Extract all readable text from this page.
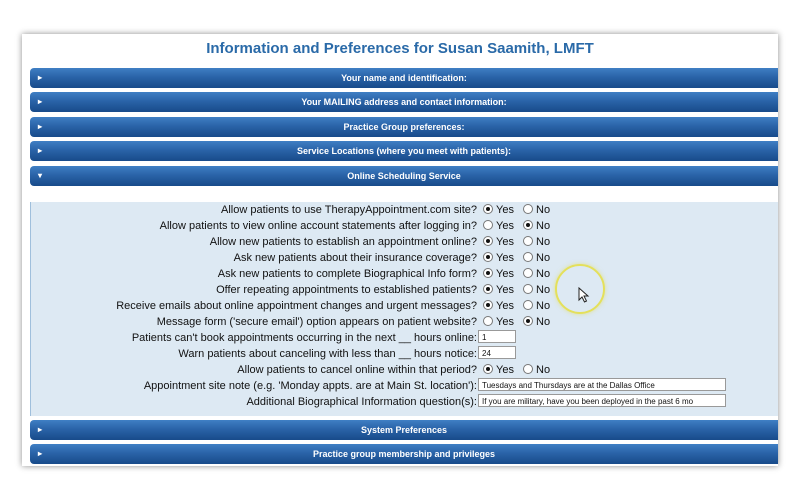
Information and Preferences for Susan Saamith, LMFT
▸	Your name and identification:
▸	Your MAILING address and contact information:
▸	Practice Group preferences:
▸	Service Locations (where you meet with patients):
▾	Online Scheduling Service
Allow patients to use TherapyAppointment.com site?	Yes No
Allow patients to view online account statements after logging in?	Yes No
Allow new patients to establish an appointment online?	Yes No
Ask new patients about their insurance coverage?	Yes No
Ask new patients to complete Biographical Info form?	Yes No
Offer repeating appointments to established patients?	Yes No
Receive emails about online appointment changes and urgent messages?	Yes No
Message form ('secure email') option appears on patient website?	Yes No
Patients can't book appointments occurring in the next __ hours online: 1
Warn patients about canceling with less than __ hours notice: 24
Allow patients to cancel online within that period?	Yes No
Appointment site note (e.g. 'Monday appts. are at Main St. location'): Tuesdays and Thursdays are at the Dallas Office
Additional Biographical Information question(s): If you are military, have you been deployed in the past 6 mo
▸	System Preferences
▸	Practice group membership and privileges
